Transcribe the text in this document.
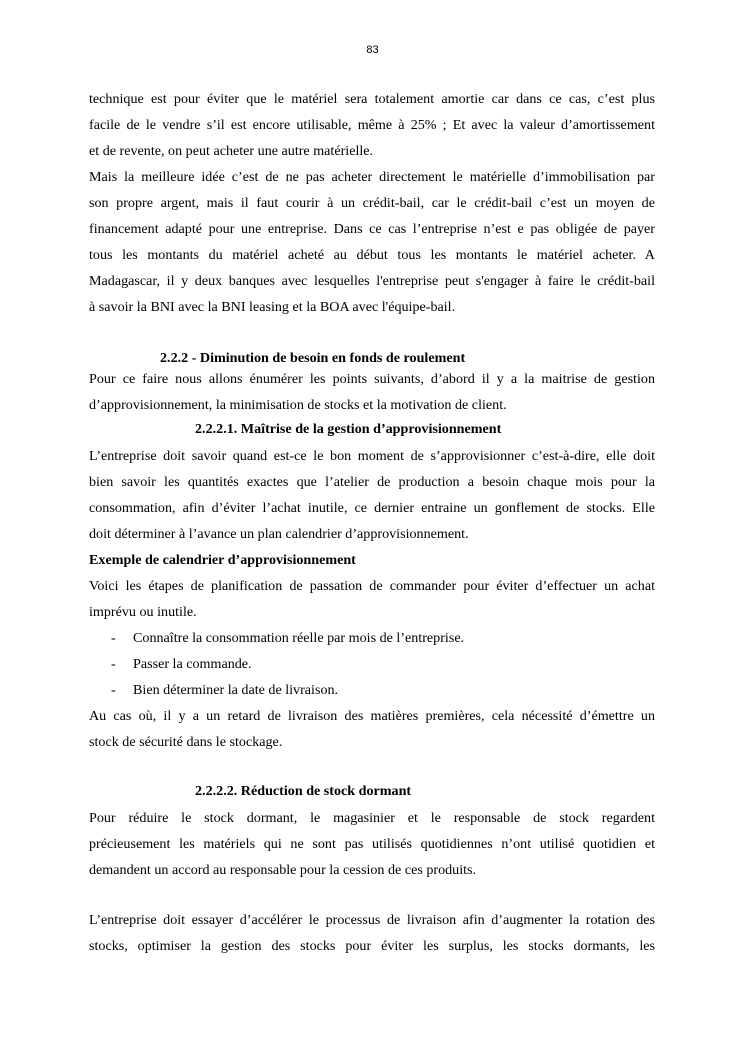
83
technique est pour éviter que le matériel sera totalement amortie car dans ce cas, c’est plus
facile de le vendre s’il est encore utilisable, même à 25% ; Et avec la valeur d’amortissement
et de revente, on peut acheter une autre matérielle.
Mais la meilleure idée c’est de ne pas acheter directement le matérielle d’immobilisation par
son propre argent, mais il faut courir à un crédit-bail, car le crédit-bail c’est un moyen de
financement adapté pour une entreprise. Dans ce cas l’entreprise n’est e pas obligée de payer
tous les montants du matériel acheté au début tous les montants le matériel acheter. A
Madagascar, il y deux banques avec lesquelles l'entreprise peut s'engager à faire le crédit-bail
à savoir la BNI avec la BNI leasing et la BOA avec l'équipe-bail.
2.2.2 - Diminution de besoin en fonds de roulement
Pour ce faire nous allons énumérer les points suivants, d’abord il y a la maitrise de gestion
d’approvisionnement, la minimisation de stocks et la motivation de client.
2.2.2.1. Maîtrise de la gestion d’approvisionnement
L’entreprise doit savoir quand est-ce le bon moment de s’approvisionner c’est-à-dire, elle doit
bien savoir les quantités exactes que l’atelier de production a besoin chaque mois pour la
consommation, afin d’éviter l’achat inutile, ce dernier entraine un gonflement de stocks. Elle
doit déterminer à l’avance un plan calendrier d’approvisionnement.
Exemple de calendrier d’approvisionnement
Voici les étapes de planification de passation de commander pour éviter d’effectuer un achat
imprévu ou inutile.
- Connaître la consommation réelle par mois de l’entreprise.
- Passer la commande.
- Bien déterminer la date de livraison.
Au cas où, il y a un retard de livraison des matières premières, cela nécessité d’émettre un
stock de sécurité dans le stockage.
2.2.2.2. Réduction de stock dormant
Pour réduire le stock dormant, le magasinier et le responsable de stock regardent
précieusement les matériels qui ne sont pas utilisés quotidiennes n’ont utilisé quotidien et
demandent un accord au responsable pour la cession de ces produits.
L’entreprise doit essayer d’accélérer le processus de livraison afin d’augmenter la rotation des
stocks, optimiser la gestion des stocks pour éviter les surplus, les stocks dormants, les
